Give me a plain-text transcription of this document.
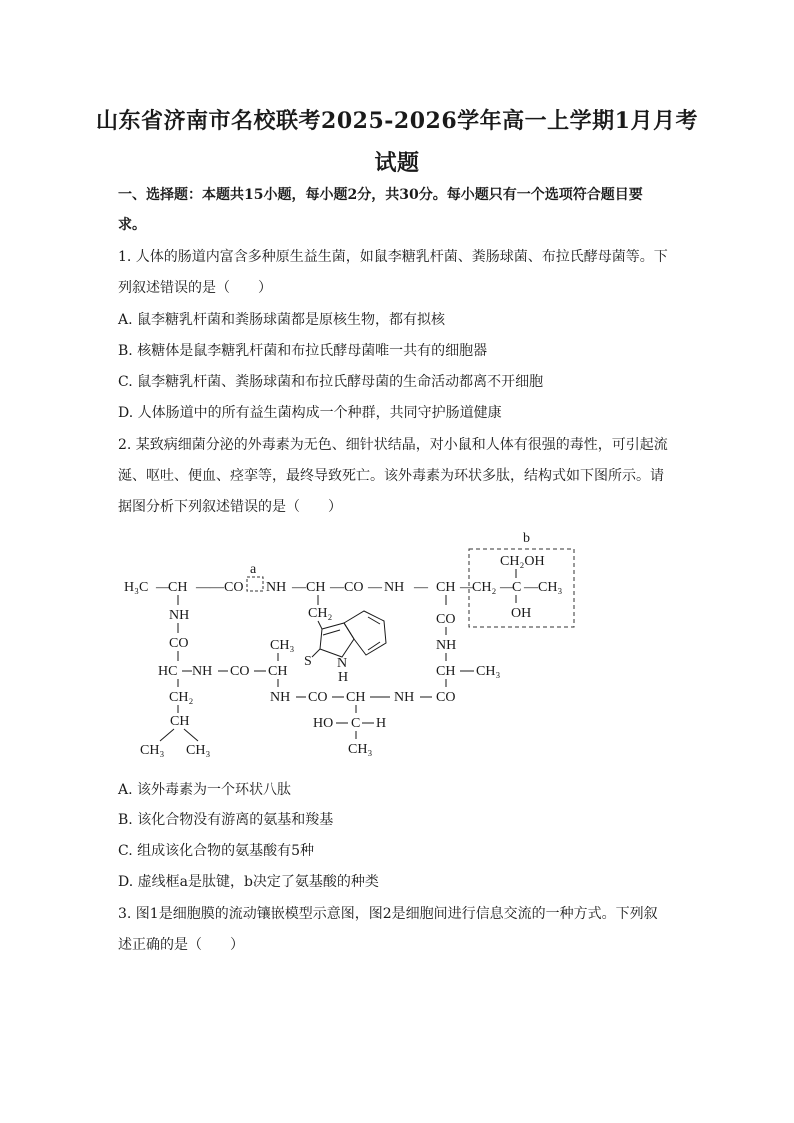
山东省济南市名校联考2025-2026学年高一上学期1月月考
试题
一、选择题：本题共15小题，每小题2分，共30分。每小题只有一个选项符合题目要
求。
1. 人体的肠道内富含多种原生益生菌，如鼠李糖乳杆菌、粪肠球菌、布拉氏酵母菌等。下
列叙述错误的是（　　）
A. 鼠李糖乳杆菌和粪肠球菌都是原核生物，都有拟核
B. 核糖体是鼠李糖乳杆菌和布拉氏酵母菌唯一共有的细胞器
C. 鼠李糖乳杆菌、粪肠球菌和布拉氏酵母菌的生命活动都离不开细胞
D. 人体肠道中的所有益生菌构成一个种群，共同守护肠道健康
2. 某致病细菌分泌的外毒素为无色、细针状结晶，对小鼠和人体有很强的毒性，可引起流
涎、呕吐、便血、痉挛等，最终导致死亡。该外毒素为环状多肽，结构式如下图所示。请
据图分析下列叙述错误的是（　　）
b
a
H₃C —
CH —— CO NH — CH — CO — NH — CH —
CH₂ —
C — CH₃
CH₂OH
OH
NH
CO
HC NH CO CH
CH₃
CH₂
CH
CH₃ CH₃
NH CO CH NH CO
HO C H
CH₃
CO
NH
CH CH₃
CH₂
S N
H
A. 该外毒素为一个环状八肽
B. 该化合物没有游离的氨基和羧基
C. 组成该化合物的氨基酸有5种
D. 虚线框a是肽键，b决定了氨基酸的种类
3. 图1是细胞膜的流动镶嵌模型示意图，图2是细胞间进行信息交流的一种方式。下列叙
述正确的是（　　）
